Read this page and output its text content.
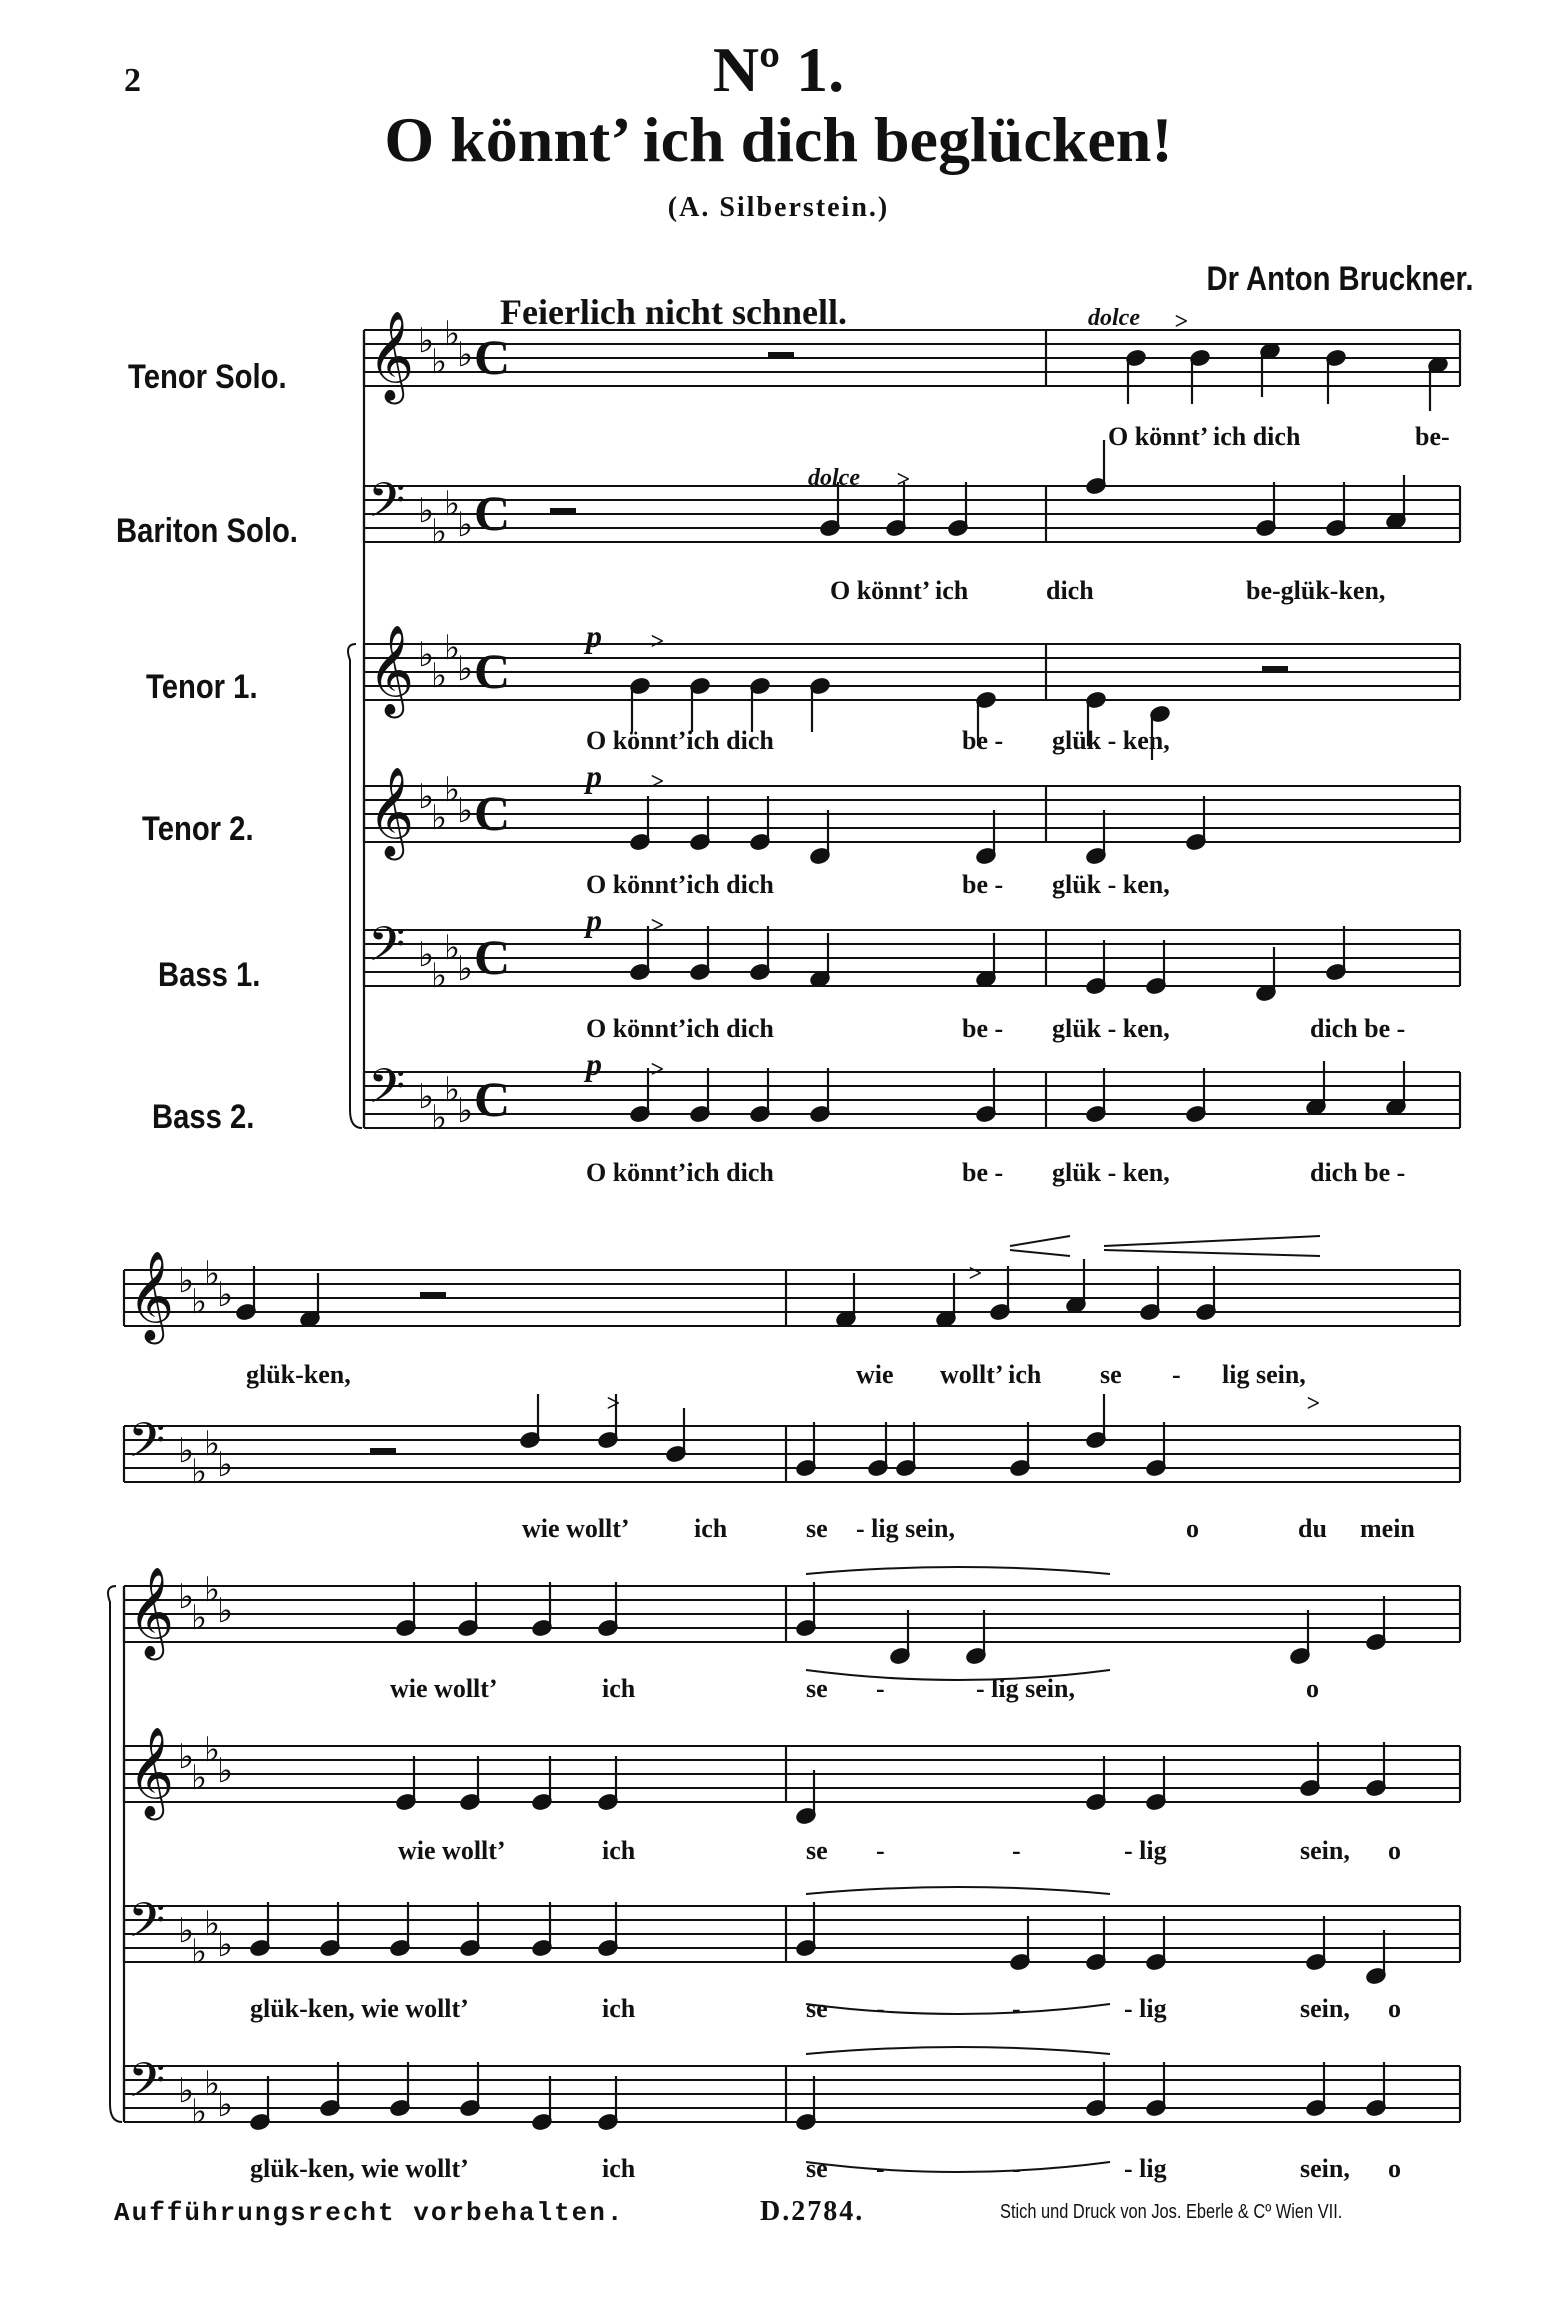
2	Nº 1.
O könnt’ ich dich beglücken!
(A. Silberstein.)
Dr Anton Bruckner.
Feierlich nicht schnell.	dolce >
dolce >
p >
p >
p >
p >
>
>	>
Tenor Solo.
Bariton Solo.
Tenor 1.
Tenor 2.
Bass 1.
Bass 2.
O könnt’ ich dich	be-
O könnt’ ich	dich	be-glük-ken,
O könnt’ich dich	be - glük - ken,
O könnt’ich dich	be - glük - ken,
O könnt’ich dich	be - glük - ken,	dich be -
O könnt’ich dich	be - glük - ken,	dich be -
glük-ken,	wie wollt’ ich se - lig sein,
wie wollt’ ich	se - lig sein,	o	du mein
wie wollt’	ich	se -	- lig sein,	o
wie wollt’	ich	se -	-	- lig	sein, o
glük-ken, wie wollt’	ich	se -	-	- lig	sein, o
glük-ken, wie wollt’	ich	se -	-	- lig	sein, o
𝄞 ♭
♭
♭
♭ C
𝄢 ♭
♭
♭
♭ C
𝄞 ♭
♭
♭
♭ C
𝄞 ♭
♭
♭
♭ C
𝄢 ♭
♭
♭
♭ C
𝄢 ♭
♭
♭
♭ C
𝄞 ♭
♭
♭
♭
𝄢 ♭
♭
♭
♭
𝄞 ♭
♭
♭
♭
𝄞 ♭
♭
♭
♭
𝄢 ♭
♭
♭
♭
𝄢 ♭
♭
♭
♭
Aufführungsrecht vorbehalten.	D.2784.	Stich und Druck von Jos. Eberle & Cº Wien VII.
